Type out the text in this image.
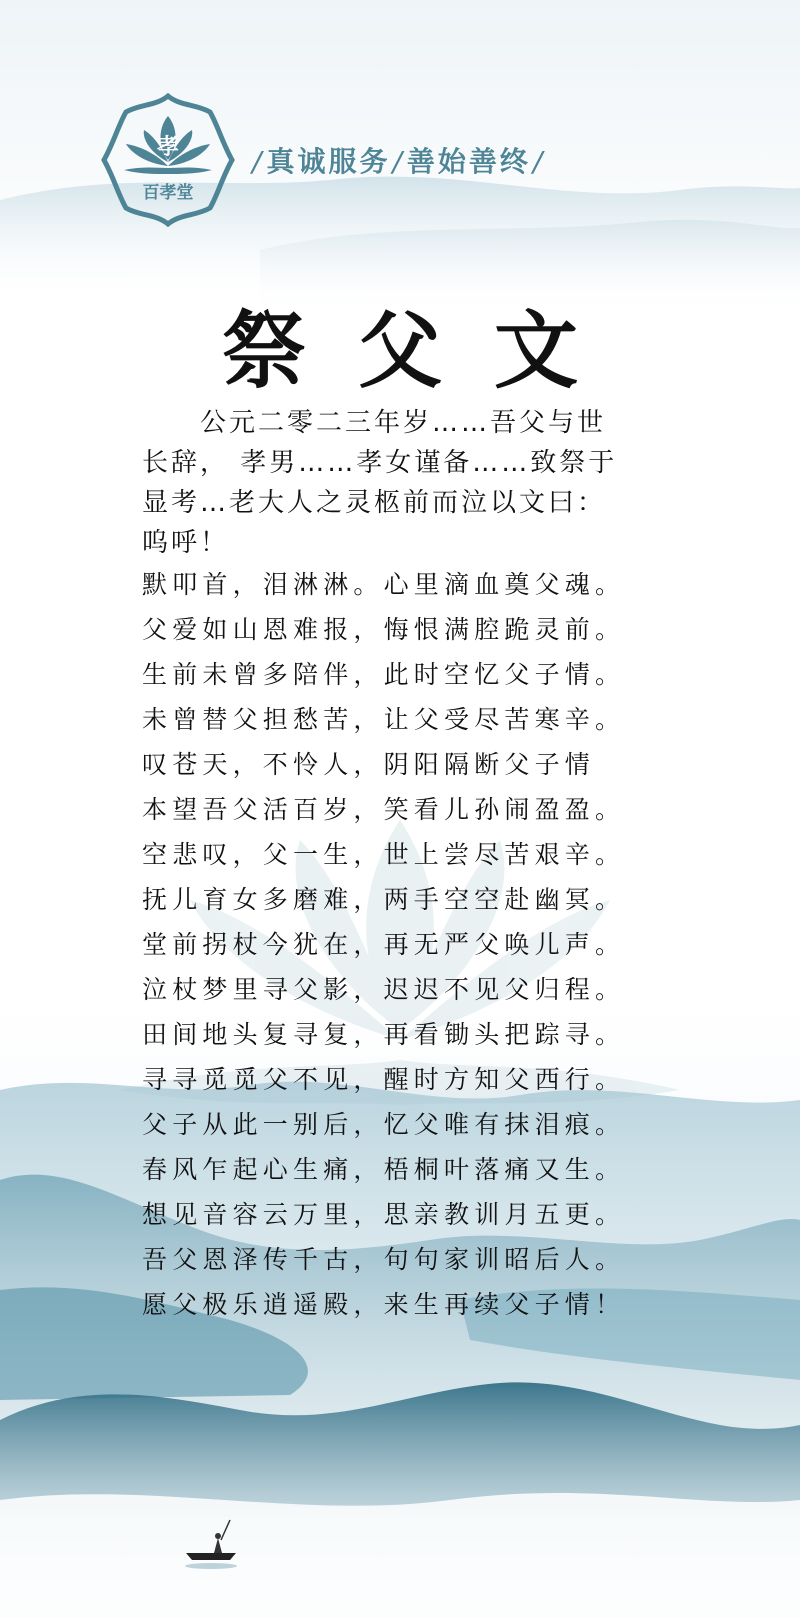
孝
百孝堂
/真诚服务/善始善终/
祭 父 文
　　公元二零二三年岁……吾父与世
长辞， 孝男……孝女谨备……致祭于
显考…老大人之灵柩前而泣以文曰：
呜呼！
默叩首，泪淋淋。心里滴血奠父魂。
父爱如山恩难报，悔恨满腔跪灵前。
生前未曾多陪伴，此时空忆父子情。
未曾替父担愁苦，让父受尽苦寒辛。
叹苍天，不怜人，阴阳隔断父子情
本望吾父活百岁，笑看儿孙闹盈盈。
空悲叹，父一生，世上尝尽苦艰辛。
抚儿育女多磨难，两手空空赴幽冥。
堂前拐杖今犹在，再无严父唤儿声。
泣杖梦里寻父影，迟迟不见父归程。
田间地头复寻复，再看锄头把踪寻。
寻寻觅觅父不见，醒时方知父西行。
父子从此一别后，忆父唯有抹泪痕。
春风乍起心生痛，梧桐叶落痛又生。
想见音容云万里，思亲教训月五更。
吾父恩泽传千古，句句家训昭后人。
愿父极乐逍遥殿，来生再续父子情！
